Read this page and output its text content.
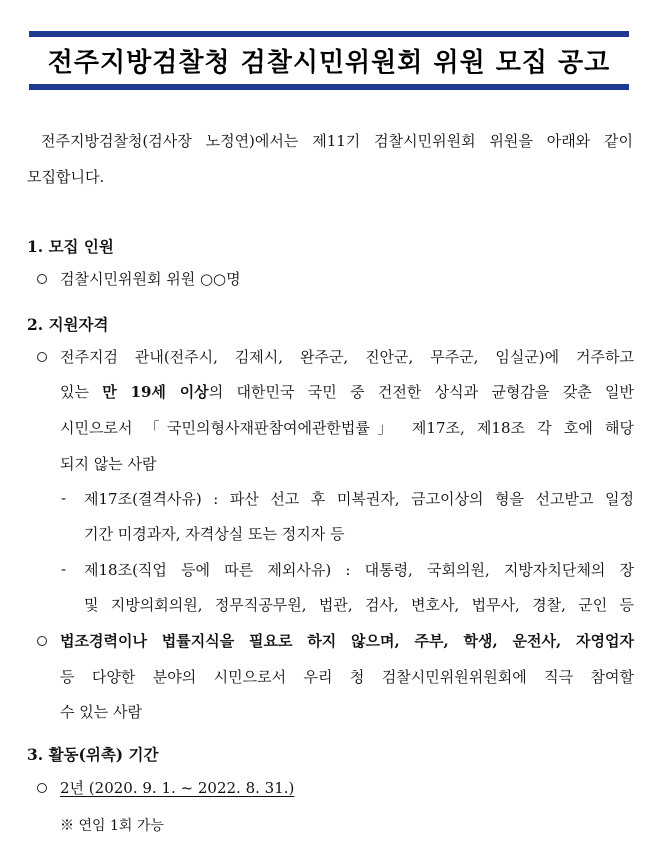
전주지방검찰청 검찰시민위원회 위원 모집 공고
전주지방검찰청(검사장 노정연)에서는 제11기 검찰시민위원회 위원을 아래와 같이
모집합니다.
1. 모집 인원
검찰시민위원회 위원 ○○명
2. 지원자격
전주지검 관내(전주시, 김제시, 완주군, 진안군, 무주군, 임실군)에 거주하고
있는 만 19세 이상의 대한민국 국민 중 건전한 상식과 균형감을 갖춘 일반
시민으로서 「국민의형사재판참여에관한법률」 제17조, 제18조 각 호에 해당
되지 않는 사람
- 제17조(결격사유) : 파산 선고 후 미복권자, 금고이상의 형을 선고받고 일정
기간 미경과자, 자격상실 또는 정지자 등
- 제18조(직업 등에 따른 제외사유) : 대통령, 국회의원, 지방자치단체의 장
및 지방의회의원, 정무직공무원, 법관, 검사, 변호사, 법무사, 경찰, 군인 등
법조경력이나 법률지식을 필요로 하지 않으며, 주부, 학생, 운전사, 자영업자
등 다양한 분야의 시민으로서 우리 청 검찰시민위원위원회에 직극 참여할
수 있는 사람
3. 활동(위촉) 기간
2년 (2020. 9. 1. ~ 2022. 8. 31.)
※ 연임 1회 가능
